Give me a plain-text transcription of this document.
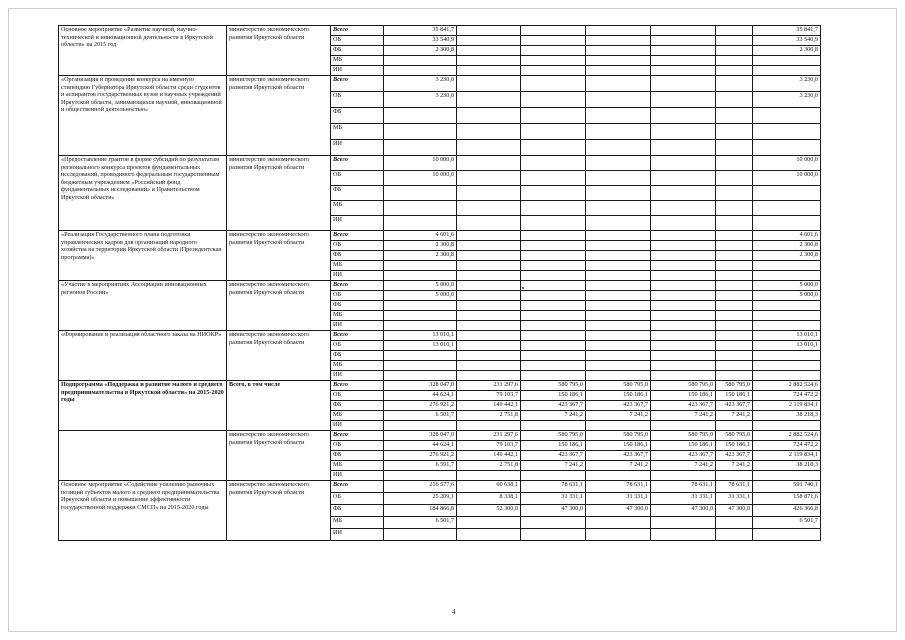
Основное мероприятие «Развитие научной, научно-технической и инновационной деятельности в Иркутской области» на 2015 год	министерство экономического развития Иркутской области	Всего	35 841,7						35 841,7
		ОБ	33 540,9						33 540,9
		ФБ	2 300,8						2 300,8
		МБ							
		ИИ							
«Организация и проведение конкурса на именную стипендию Губернатора Иркутской области среди студентов и аспирантов государственных вузов и научных учреждений Иркутской области, занимающихся научной, инновационной и общественной деятельностью»	министерство экономического развития Иркутской области	Всего	3 230,0						3 230,0
		ОБ	3 230,0						3 230,0
		ФБ							
		МБ							
		ИИ							
«Предоставление грантов в форме субсидий по результатам регионального конкурса проектов фундаментальных исследований, проводимого федеральным государственным бюджетным учреждением «Российский фонд фундаментальных исследований» и Правительством Иркутской области»	министерство экономического развития Иркутской области	Всего	10 000,0						10 000,0
		ОБ	10 000,0						10 000,0
		ФБ							
		МБ							
		ИИ							
«Реализация Государственного плана подготовки управленческих кадров для организаций народного хозяйства на территории Иркутской области (Президентская программа)»	министерство экономического развития Иркутской области	Всего	4 601,6						4 601,6
		ОБ	2 300,8						2 300,8
		ФБ	2 300,8						2 300,8
		МБ							
		ИИ							
«Участие в мероприятиях Ассоциации инновационных регионов России»	министерство экономического развития Иркутской области	Всего	5 000,0						5 000,0
		ОБ	5 000,0						5 000,0
		ФБ							
		МБ							
		ИИ							
«Формирование и реализация областного заказа на НИОКР»	министерство экономического развития Иркутской области	Всего	13 010,1						13 010,1
		ОБ	13 010,1						13 010,1
		ФБ							
		МБ							
		ИИ							
Подпрограмма «Поддержка и развитие малого и среднего предпринимательства в Иркутской области» на 2015-2020 годы	Всего, в том числе	Всего	328 047,0	231 297,6	580 795,0	580 795,0	580 795,0	580 795,0	2 882 524,6
		ОБ	44 624,1	79 103,7	150 186,1	150 186,1	150 186,1	150 186,1	724 472,2
		ФБ	276 921,2	149 442,1	423 367,7	423 367,7	423 367,7	423 367,7	2 119 834,1
		МБ	6 501,7	2 751,8	7 241,2	7 241,2	7 241,2	7 241,2	38 218,3
		ИИ							
	министерство экономического развития Иркутской области	Всего	328 047,0	231 297,6	580 795,0	580 795,0	580 795,0	580 795,0	2 882 524,6
		ОБ	44 624,1	79 103,7	150 186,1	150 186,1	150 186,1	150 186,1	724 472,2
		ФБ	276 921,2	149 442,1	423 367,7	423 367,7	423 367,7	423 367,7	2 119 834,1
		МБ	6 591,7	2 751,8	7 241,2	7 241,2	7 241,2	7 241,2	38 218,3
		ИИ							
Основное мероприятие «Содействие усилению рыночных позиций субъектов малого и среднего предпринимательства Иркутской области и повышение эффективности государственной поддержки СМСП» на 2015-2020 годы	министерство экономического развития Иркутской области	Всего	216 577,6	60 638,1	78 631,1	78 631,1	78 631,1	78 631,1	591 740,1
		ОБ	25 209,1	8 338,1	31 331,1	31 331,1	31 331,1	31 331,1	158 871,6
		ФБ	184 866,8	52 300,0	47 300,0	47 300,0	47 300,0	47 300,0	426 366,8
		МБ	6 501,7						6 501,7
		ИИ							
4
